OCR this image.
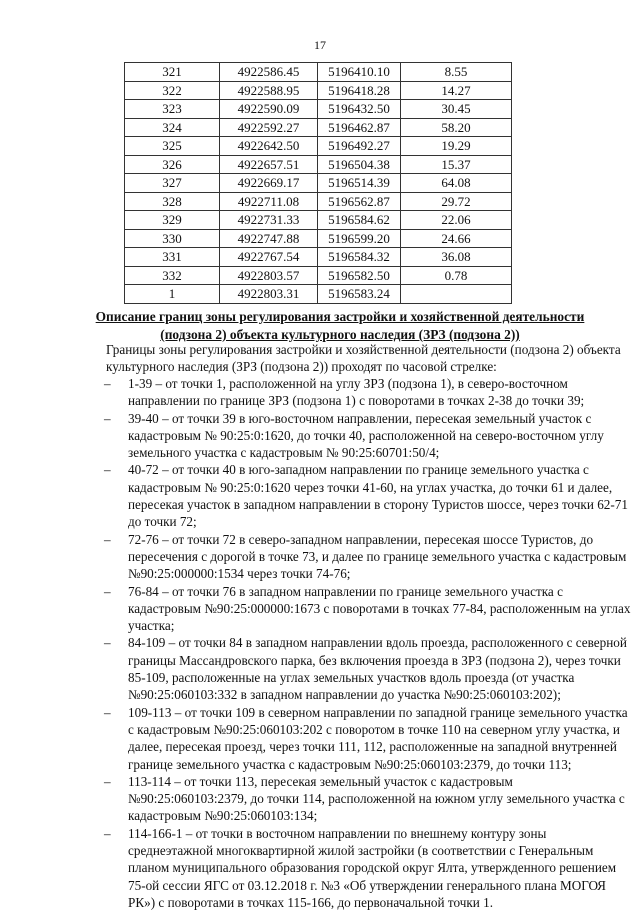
17
321	4922586.45	5196410.10	8.55
322	4922588.95	5196418.28	14.27
323	4922590.09	5196432.50	30.45
324	4922592.27	5196462.87	58.20
325	4922642.50	5196492.27	19.29
326	4922657.51	5196504.38	15.37
327	4922669.17	5196514.39	64.08
328	4922711.08	5196562.87	29.72
329	4922731.33	5196584.62	22.06
330	4922747.88	5196599.20	24.66
331	4922767.54	5196584.32	36.08
332	4922803.57	5196582.50	0.78
1	4922803.31	5196583.24	
Описание границ зоны регулирования застройки и хозяйственной деятельности
(подзона 2) объекта культурного наследия (ЗРЗ (подзона 2))
Границы зоны регулирования застройки и хозяйственной деятельности (подзона 2) объекта
культурного наследия (ЗРЗ (подзона 2)) проходят по часовой стрелке:
– 1-39 – от точки 1, расположенной на углу ЗРЗ (подзона 1), в северо-восточном
направлении по границе ЗРЗ (подзона 1) с поворотами в точках 2-38 до точки 39;
– 39-40 – от точки 39 в юго-восточном направлении, пересекая земельный участок с
кадастровым № 90:25:0:1620, до точки 40, расположенной на северо-восточном углу
земельного участка с кадастровым № 90:25:60701:50/4;
– 40-72 – от точки 40 в юго-западном направлении по границе земельного участка с
кадастровым № 90:25:0:1620 через точки 41-60, на углах участка, до точки 61 и далее,
пересекая участок в западном направлении в сторону Туристов шоссе, через точки 62-71
до точки 72;
– 72-76 – от точки 72 в северо-западном направлении, пересекая шоссе Туристов, до
пересечения с дорогой в точке 73, и далее по границе земельного участка с кадастровым
№90:25:000000:1534 через точки 74-76;
– 76-84 – от точки 76 в западном направлении по границе земельного участка с
кадастровым №90:25:000000:1673 с поворотами в точках 77-84, расположенным на углах
участка;
– 84-109 – от точки 84 в западном направлении вдоль проезда, расположенного с северной
границы Массандровского парка, без включения проезда в ЗРЗ (подзона 2), через точки
85-109, расположенные на углах земельных участков вдоль проезда (от участка
№90:25:060103:332 в западном направлении до участка №90:25:060103:202);
– 109-113 – от точки 109 в северном направлении по западной границе земельного участка
с кадастровым №90:25:060103:202 с поворотом в точке 110 на северном углу участка, и
далее, пересекая проезд, через точки 111, 112, расположенные на западной внутренней
границе земельного участка с кадастровым №90:25:060103:2379, до точки 113;
– 113-114 – от точки 113, пересекая земельный участок с кадастровым
№90:25:060103:2379, до точки 114, расположенной на южном углу земельного участка с
кадастровым №90:25:060103:134;
– 114-166-1 – от точки в восточном направлении по внешнему контуру зоны
среднеэтажной многоквартирной жилой застройки (в соответствии с Генеральным
планом муниципального образования городской округ Ялта, утвержденного решением
75-ой сессии ЯГС от 03.12.2018 г. №3 «Об утверждении генерального плана МОГОЯ
РК») с поворотами в точках 115-166, до первоначальной точки 1.
